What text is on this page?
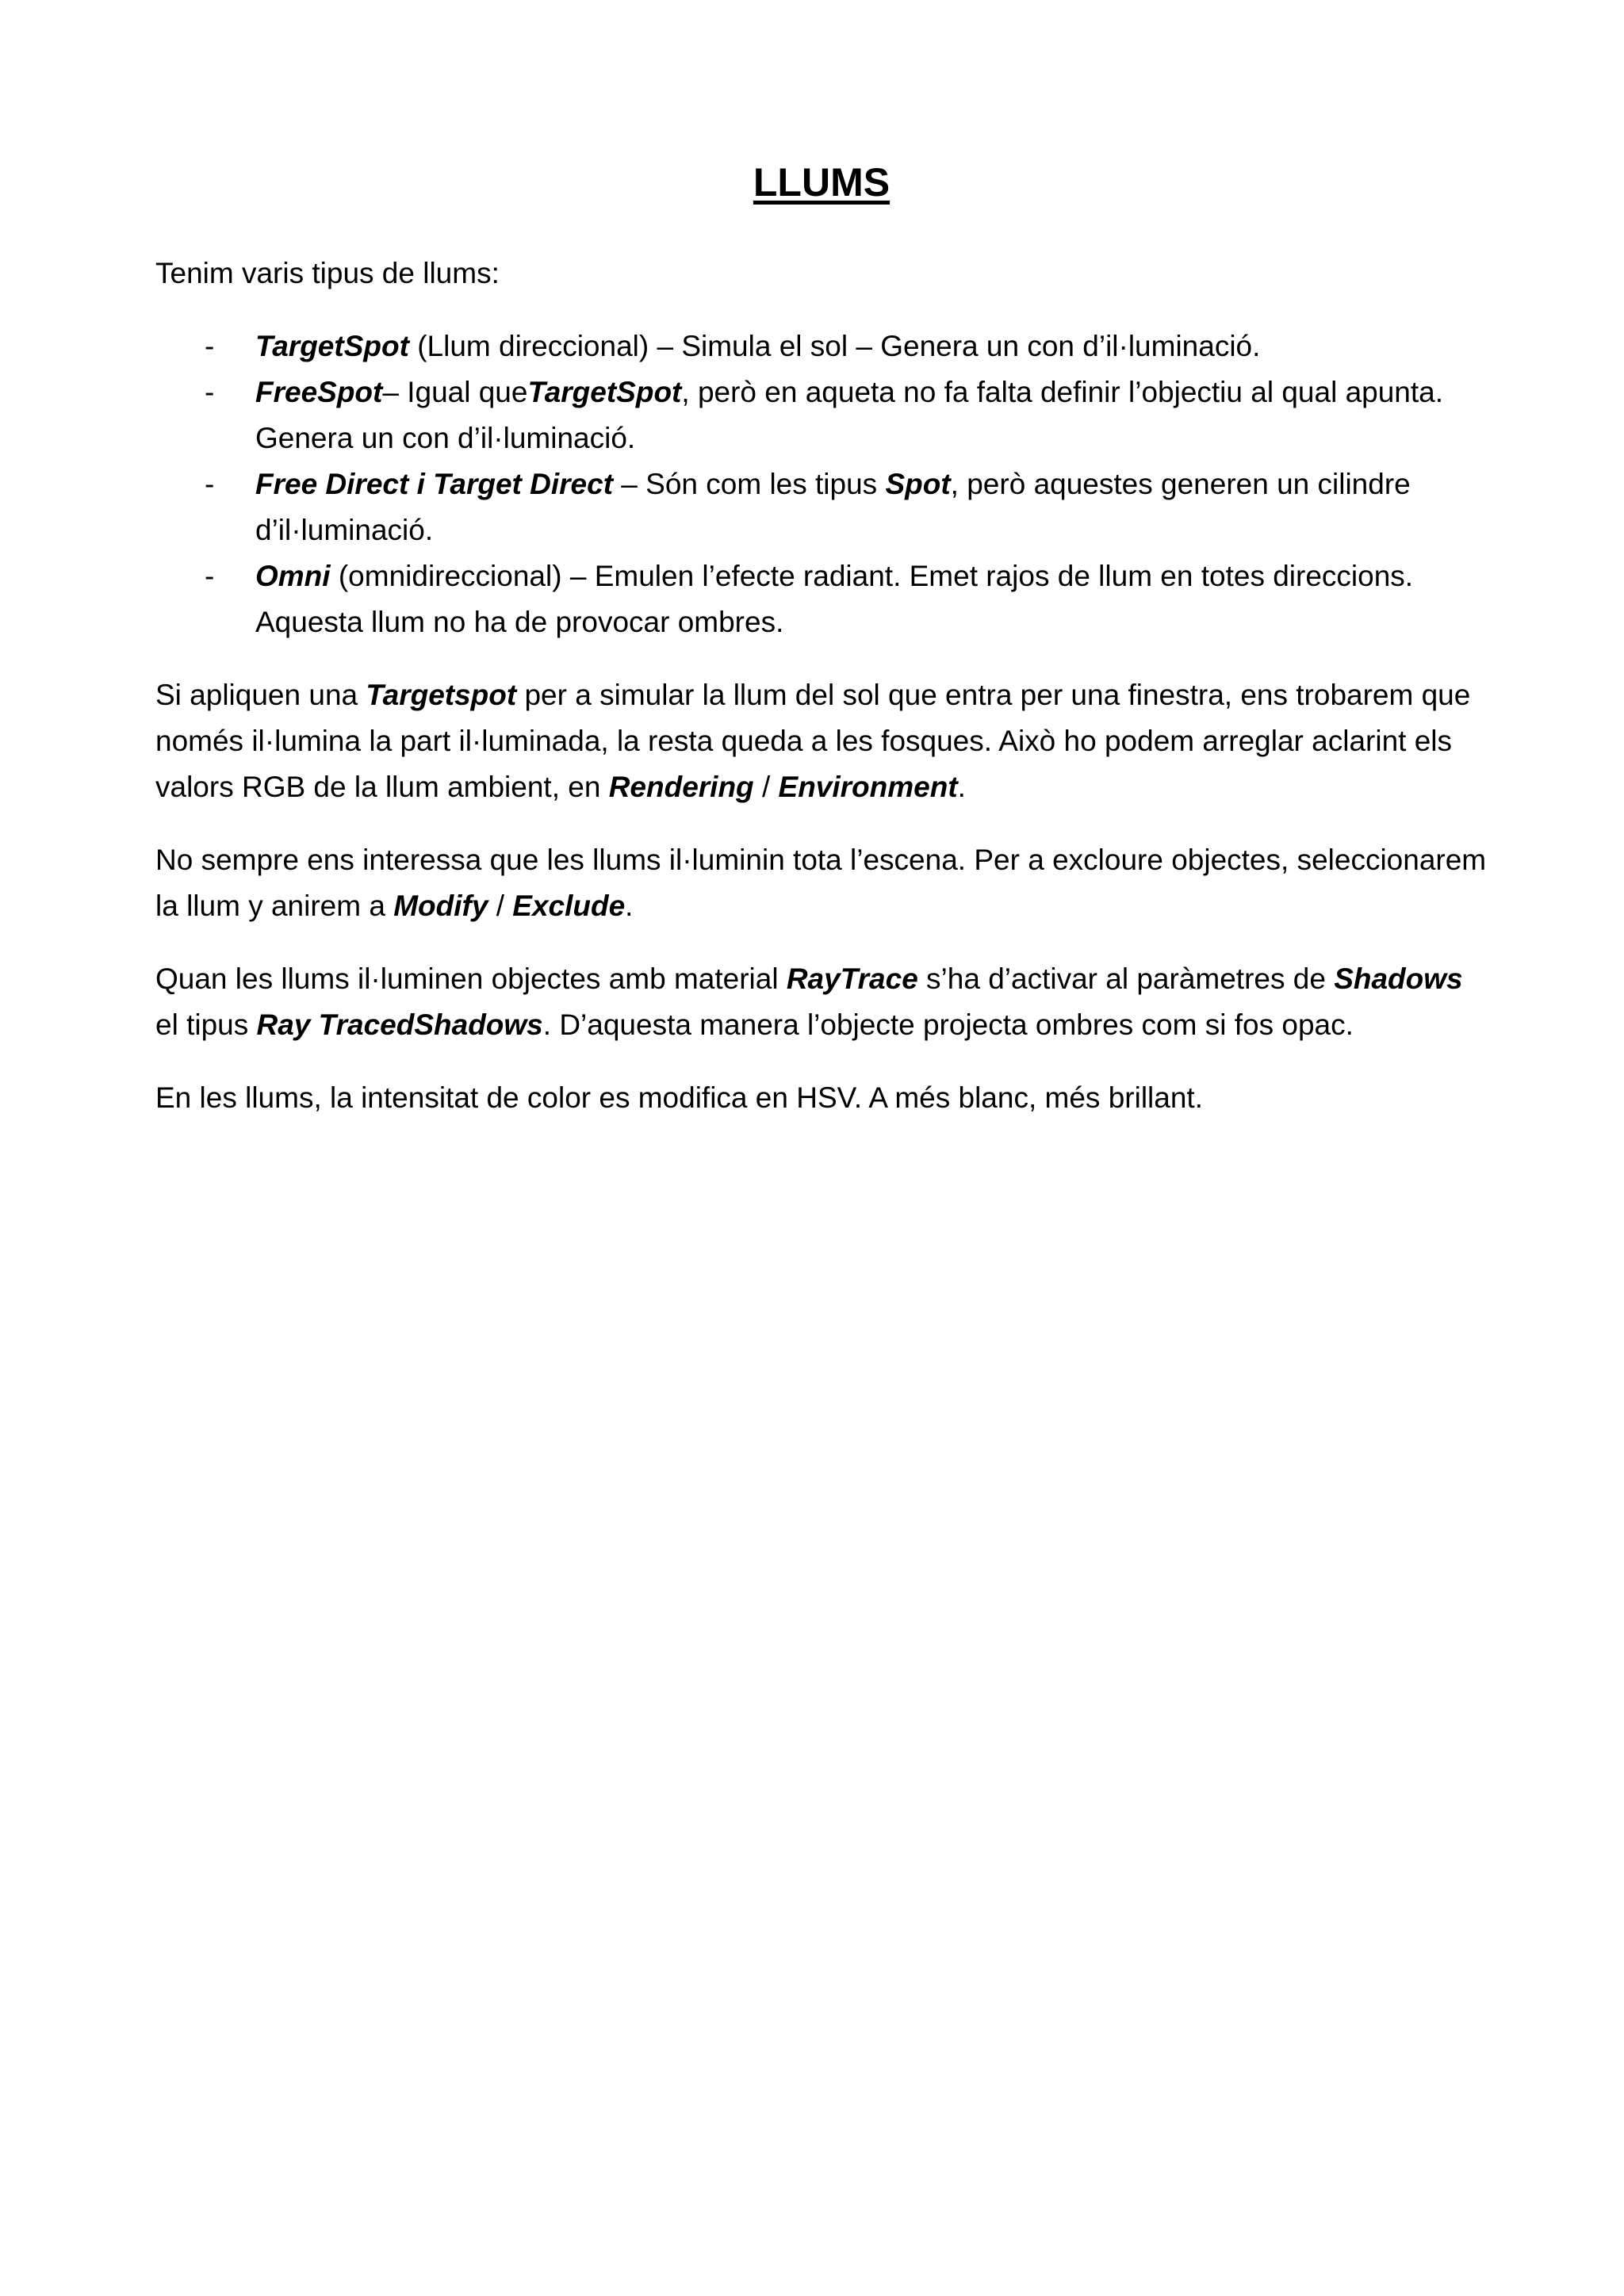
LLUMS

Tenim varis tipus de llums:

- TargetSpot (Llum direccional) – Simula el sol – Genera un con d’il·luminació.
- FreeSpot– Igual queTargetSpot, però en aqueta no fa falta definir l’objectiu al qual apunta. Genera un con d’il·luminació.
- Free Direct i Target Direct – Són com les tipus Spot, però aquestes generen un cilindre d’il·luminació.
- Omni (omnidireccional) – Emulen l’efecte radiant. Emet rajos de llum en totes direccions. Aquesta llum no ha de provocar ombres.

Si apliquen una Targetspot per a simular la llum del sol que entra per una finestra, ens trobarem que només il·lumina la part il·luminada, la resta queda a les fosques. Això ho podem arreglar aclarint els valors RGB de la llum ambient, en Rendering / Environment.

No sempre ens interessa que les llums il·luminin tota l’escena. Per a excloure objectes, seleccionarem la llum y anirem a Modify / Exclude.

Quan les llums il·luminen objectes amb material RayTrace s’ha d’activar al paràmetres de Shadows el tipus Ray TracedShadows. D’aquesta manera l’objecte projecta ombres com si fos opac.

En les llums, la intensitat de color es modifica en HSV. A més blanc, més brillant.
